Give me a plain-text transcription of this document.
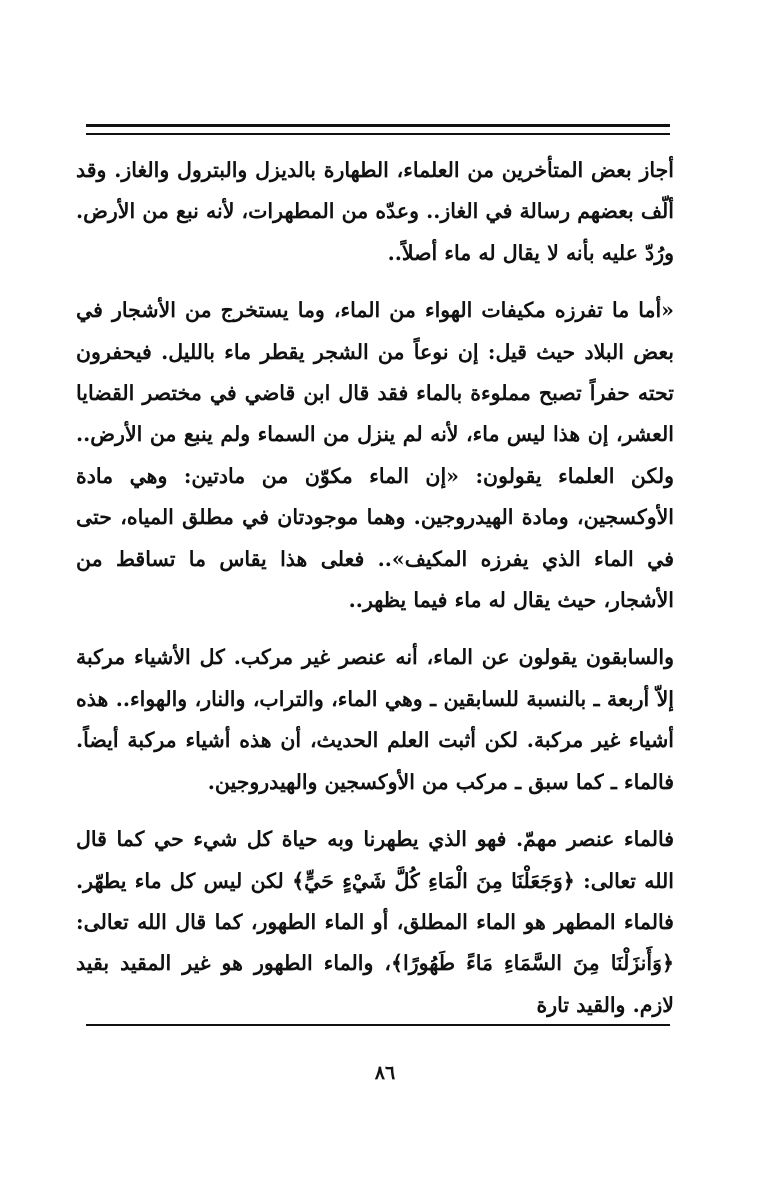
أجاز بعض المتأخرين من العلماء، الطهارة بالديزل والبترول والغاز. وقد ألّف بعضهم رسالة في الغاز.. وعدّه من المطهرات، لأنه نبع من الأرض. ورُدّ عليه بأنه لا يقال له ماء أصلاً..

«أما ما تفرزه مكيفات الهواء من الماء، وما يستخرج من الأشجار في بعض البلاد حيث قيل: إن نوعاً من الشجر يقطر ماء بالليل. فيحفرون تحته حفراً تصبح مملوءة بالماء فقد قال ابن قاضي في مختصر القضايا العشر، إن هذا ليس ماء، لأنه لم ينزل من السماء ولم ينبع من الأرض.. ولكن العلماء يقولون: «إن الماء مكوّن من مادتين: وهي مادة الأوكسجين، ومادة الهيدروجين. وهما موجودتان في مطلق المياه، حتى في الماء الذي يفرزه المكيف».. فعلى هذا يقاس ما تساقط من الأشجار، حيث يقال له ماء فيما يظهر..

والسابقون يقولون عن الماء، أنه عنصر غير مركب. كل الأشياء مركبة إلاّ أربعة ـ بالنسبة للسابقين ـ وهي الماء، والتراب، والنار، والهواء.. هذه أشياء غير مركبة. لكن أثبت العلم الحديث، أن هذه أشياء مركبة أيضاً. فالماء ـ كما سبق ـ مركب من الأوكسجين والهيدروجين.

فالماء عنصر مهمّ. فهو الذي يطهرنا وبه حياة كل شيء حي كما قال الله تعالى: ﴿وَجَعَلْنَا مِنَ الْمَاءِ كُلَّ شَيْءٍ حَيٍّ﴾ لكن ليس كل ماء يطهّر. فالماء المطهر هو الماء المطلق، أو الماء الطهور، كما قال الله تعالى: ﴿وَأَنزَلْنَا مِنَ السَّمَاءِ مَاءً طَهُورًا﴾، والماء الطهور هو غير المقيد بقيد لازم. والقيد تارة

٨٦
